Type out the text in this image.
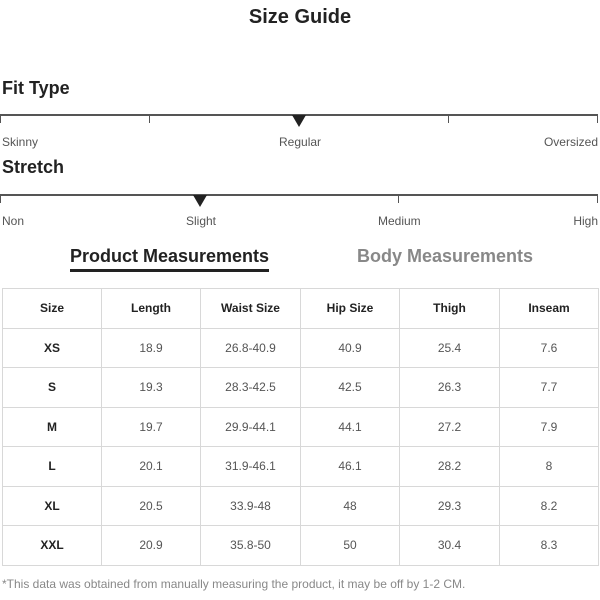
Size Guide
Fit Type
Skinny	Regular	Oversized
Stretch
Non	Slight	Medium	High
Product Measurements	Body Measurements
Size	Length	Waist Size	Hip Size	Thigh	Inseam
XS	18.9	26.8-40.9	40.9	25.4	7.6
S	19.3	28.3-42.5	42.5	26.3	7.7
M	19.7	29.9-44.1	44.1	27.2	7.9
L	20.1	31.9-46.1	46.1	28.2	8
XL	20.5	33.9-48	48	29.3	8.2
XXL	20.9	35.8-50	50	30.4	8.3
*This data was obtained from manually measuring the product, it may be off by 1-2 CM.
